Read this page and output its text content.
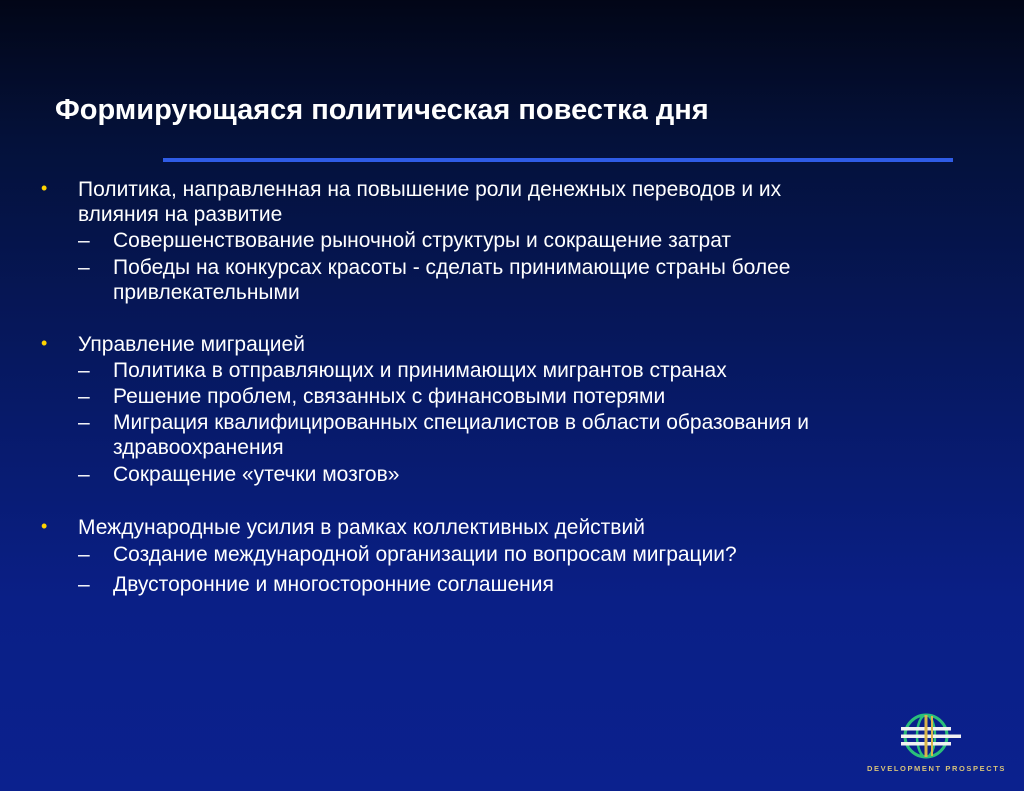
Формирующаяся политическая повестка дня
• Политика, направленная на повышение роли денежных переводов и их
влияния на развитие
– Совершенствование рыночной структуры и сокращение затрат
– Победы на конкурсах красоты - сделать принимающие страны более
привлекательными
• Управление миграцией
– Политика в отправляющих и принимающих мигрантов странах
– Решение проблем, связанных с финансовыми потерями
– Миграция квалифицированных специалистов в области образования и
здравоохранения
– Сокращение «утечки мозгов»
• Международные усилия в рамках коллективных действий
– Создание международной организации по вопросам миграции?
– Двусторонние и многосторонние соглашения
DEVELOPMENT PROSPECTS
